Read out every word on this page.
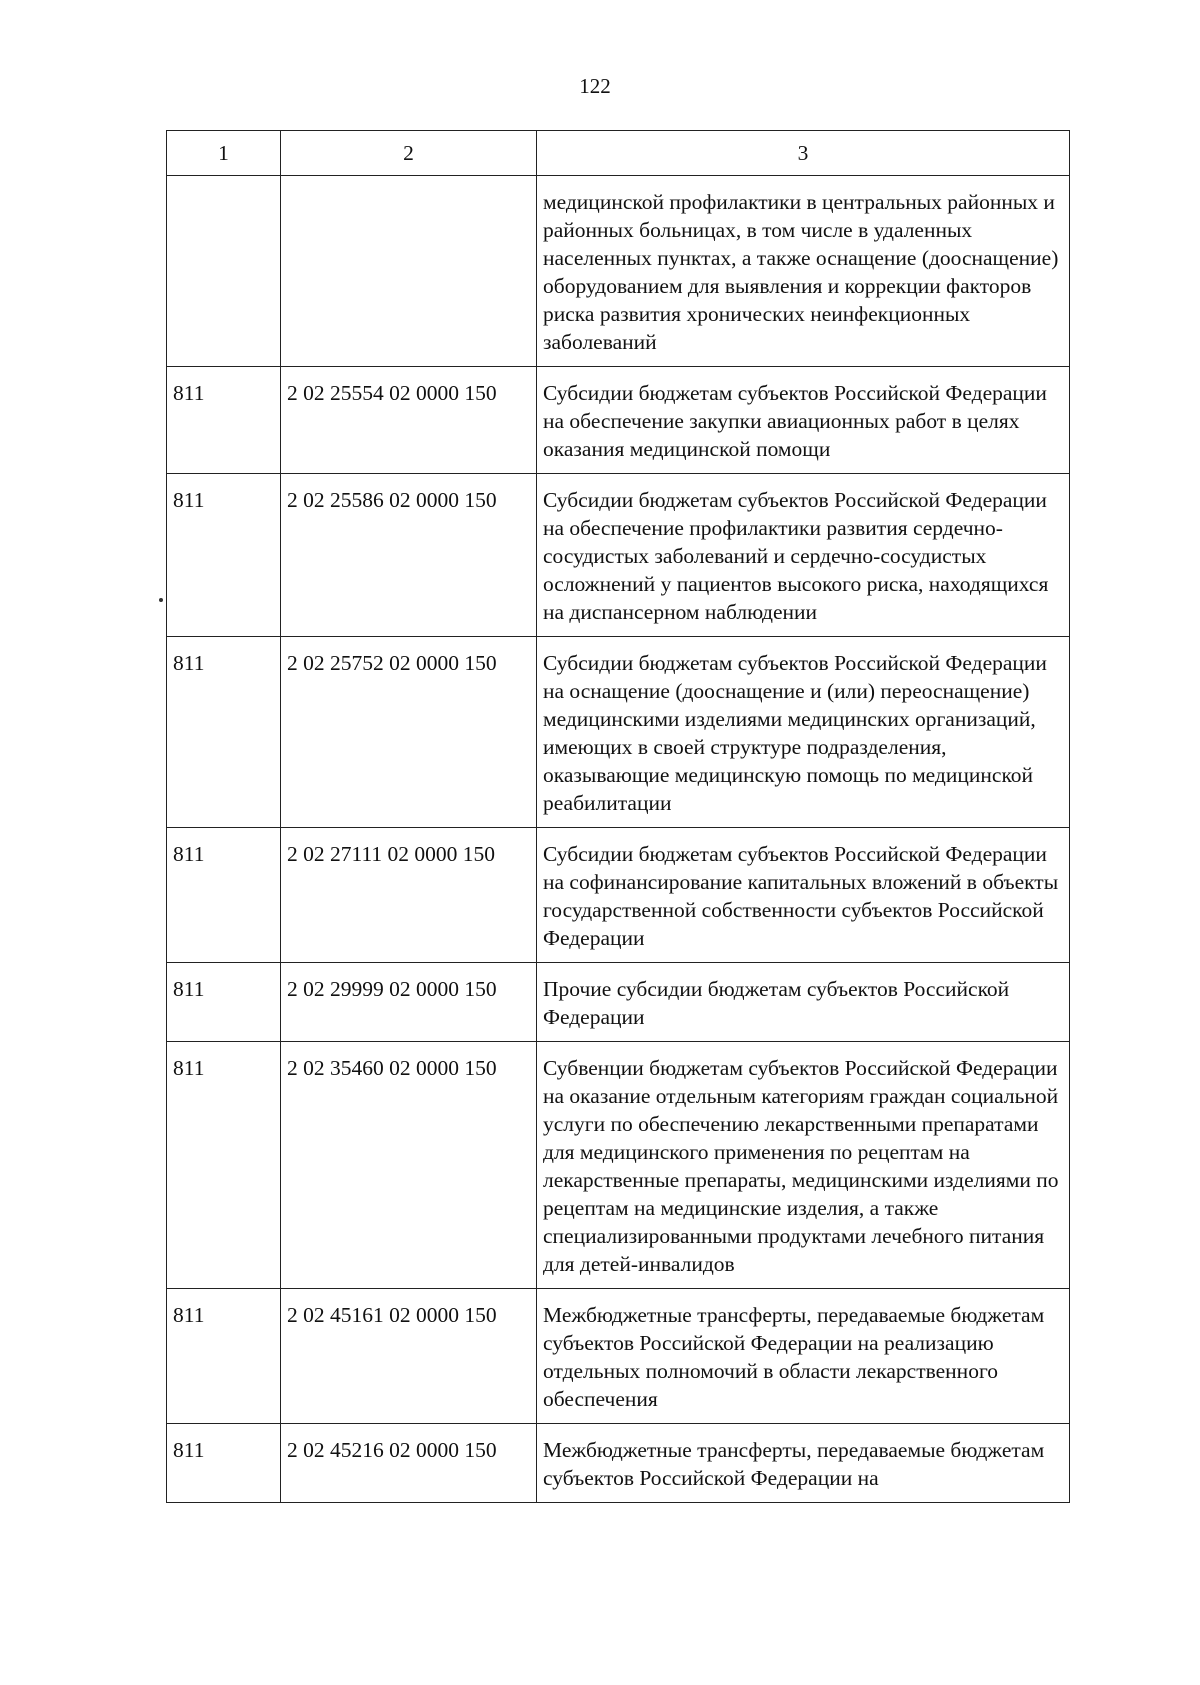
122
1	2	3
		медицинской профилактики в центральных районных и районных больницах, в том числе в удаленных населенных пунктах, а также оснащение (дооснащение) оборудованием для выявления и коррекции факторов риска развития хронических неинфекционных заболеваний
811	2 02 25554 02 0000 150	Субсидии бюджетам субъектов Российской Федерации на обеспечение закупки авиационных работ в целях оказания медицинской помощи
811	2 02 25586 02 0000 150	Субсидии бюджетам субъектов Российской Федерации на обеспечение профилактики развития сердечно-сосудистых заболеваний и сердечно-сосудистых осложнений у пациентов высокого риска, находящихся на диспансерном наблюдении
811	2 02 25752 02 0000 150	Субсидии бюджетам субъектов Российской Федерации на оснащение (дооснащение и (или) переоснащение) медицинскими изделиями медицинских организаций, имеющих в своей структуре подразделения, оказывающие медицинскую помощь по медицинской реабилитации
811	2 02 27111 02 0000 150	Субсидии бюджетам субъектов Российской Федерации на софинансирование капитальных вложений в объекты государственной собственности субъектов Российской Федерации
811	2 02 29999 02 0000 150	Прочие субсидии бюджетам субъектов Российской Федерации
811	2 02 35460 02 0000 150	Субвенции бюджетам субъектов Российской Федерации на оказание отдельным категориям граждан социальной услуги по обеспечению лекарственными препаратами для медицинского применения по рецептам на лекарственные препараты, медицинскими изделиями по рецептам на медицинские изделия, а также специализированными продуктами лечебного питания для детей-инвалидов
811	2 02 45161 02 0000 150	Межбюджетные трансферты, передаваемые бюджетам субъектов Российской Федерации на реализацию отдельных полномочий в области лекарственного обеспечения
811	2 02 45216 02 0000 150	Межбюджетные трансферты, передаваемые бюджетам субъектов Российской Федерации на
